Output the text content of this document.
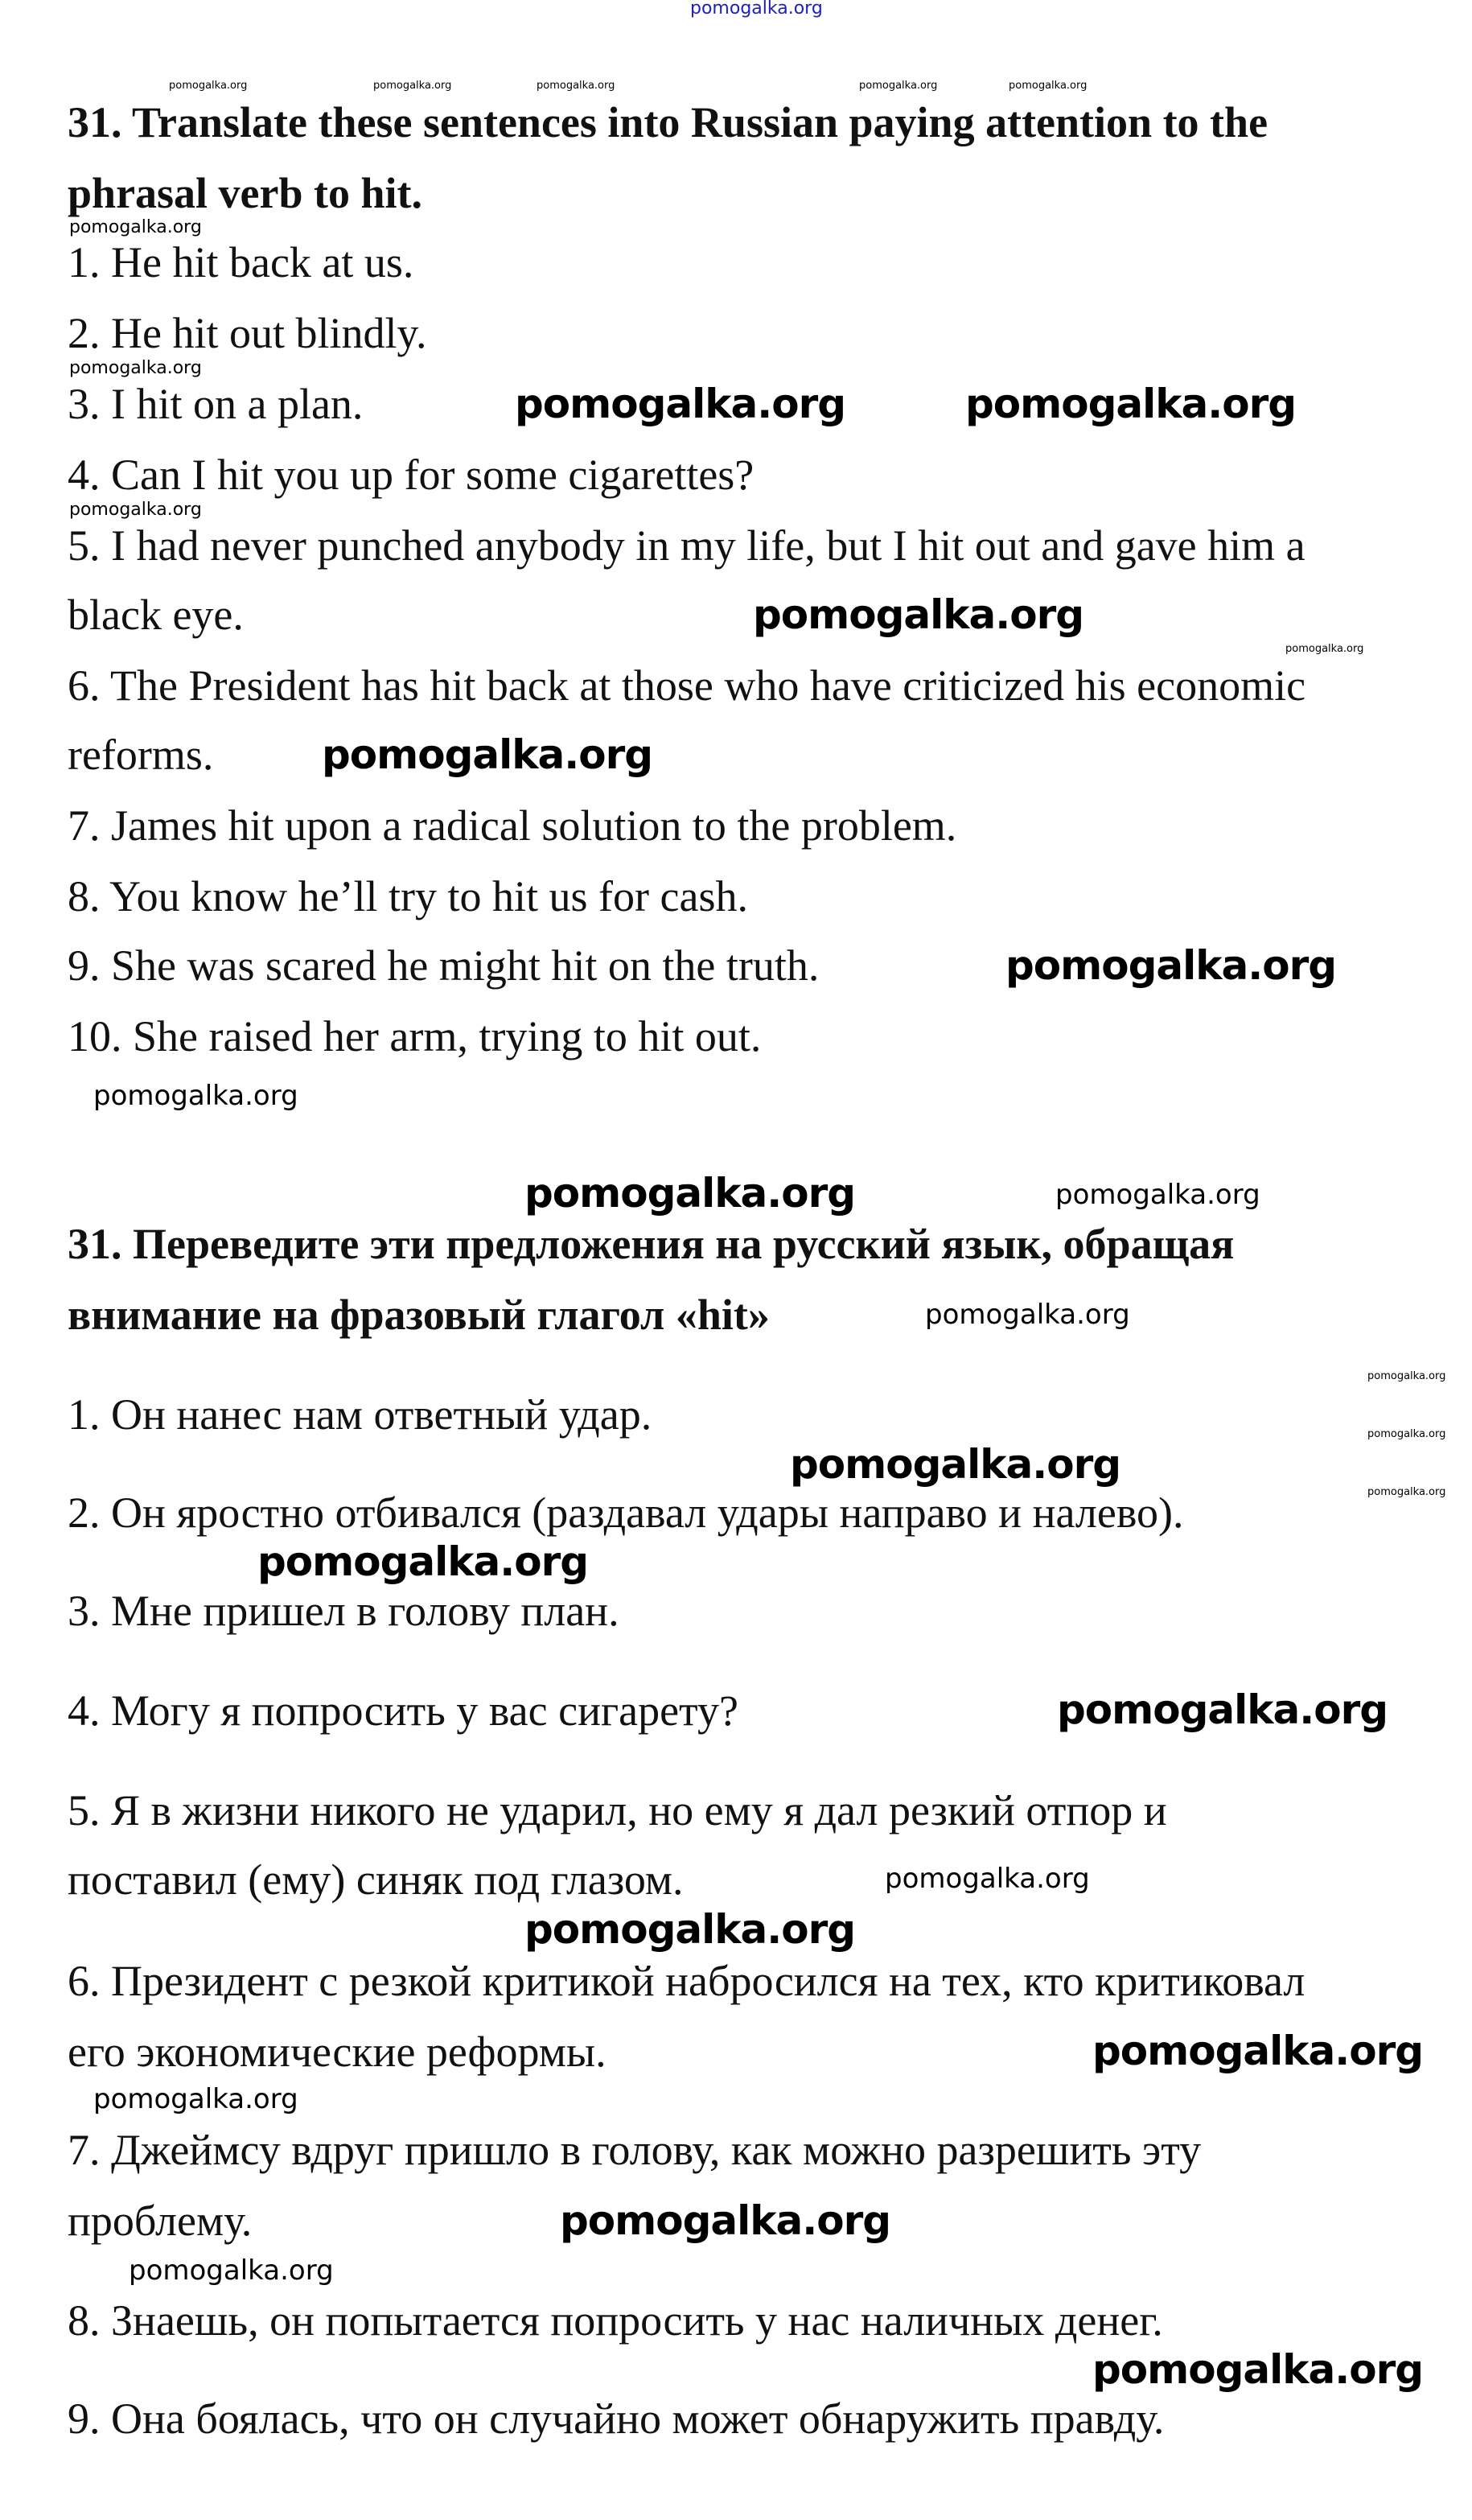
31. Translate these sentences into Russian paying attention to the
phrasal verb to hit.
1. He hit back at us.
2. He hit out blindly.
3. I hit on a plan.
4. Can I hit you up for some cigarettes?
5. I had never punched anybody in my life, but I hit out and gave him a
black eye.
6. The President has hit back at those who have criticized his economic
reforms.
7. James hit upon a radical solution to the problem.
8. You know he’ll try to hit us for cash.
9. She was scared he might hit on the truth.
10. She raised her arm, trying to hit out.
31. Переведите эти предложения на русский язык, обращая
внимание на фразовый глагол «hit»
1. Он нанес нам ответный удар.
2. Он яростно отбивался (раздавал удары направо и налево).
3. Мне пришел в голову план.
4. Могу я попросить у вас сигарету?
5. Я в жизни никого не ударил, но ему я дал резкий отпор и
поставил (ему) синяк под глазом.
6. Президент с резкой критикой набросился на тех, кто критиковал
его экономические реформы.
7. Джеймсу вдруг пришло в голову, как можно разрешить эту
проблему.
8. Знаешь, он попытается попросить у нас наличных денег.
9. Она боялась, что он случайно может обнаружить правду.
pomogalka.org
pomogalka.org	pomogalka.org	pomogalka.org	pomogalka.org	pomogalka.org
pomogalka.org
pomogalka.org
pomogalka.org
pomogalka.org	pomogalka.org
pomogalka.org
pomogalka.org
pomogalka.org
pomogalka.org
pomogalka.org
pomogalka.org	pomogalka.org
pomogalka.org
pomogalka.org
pomogalka.org
pomogalka.org
pomogalka.org
pomogalka.org
pomogalka.org
pomogalka.org
pomogalka.org
pomogalka.org
pomogalka.org
pomogalka.org
pomogalka.org
pomogalka.org
